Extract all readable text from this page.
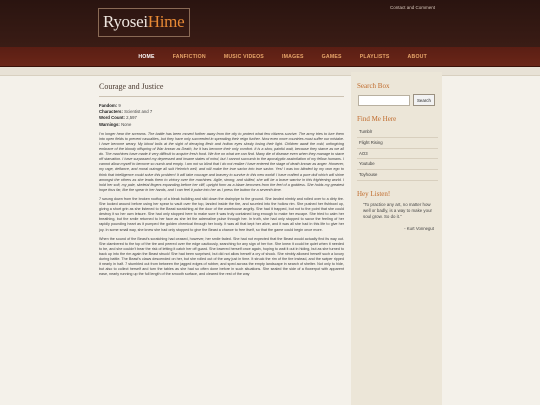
RyoseiHime
Contact and Comment
HOME	FANFICTION	MUSIC VIDEOS	IMAGES	GAMES	PLAYLISTS	ABOUT
Courage and Justice
Fandom: 9
Characters: Scientist and 7
Word Count: 2,597
Warnings: None

I’m longer hear the screams. The battle has been moved further away from the city to protect what few citizens survive. The army tries to lure them into open fields to prevent casualties, but they have only succeeded in spreading their reign further. Now even more countries must suffer our mistake. I have become weary. My blood boils at the sight of decaying flesh and hollow eyes slowly losing their light. Children await the cold, unforgiving embrace of the bloody offspring of War known as Death, for it has become their only comfort. It is a slow, painful wait, because they starve as we all do. The machines have made it very difficult to acquire fresh food. We live on what we can find. Many die of disease even when they manage to stave off starvation. I have surpassed my depressed and insane states of mind, but I cannot succumb to the apocalyptic assimilation of my fellow humans. I cannot allow myself to become so numb and empty. I am not so blind that I do not realize I have entered the stage of death known as anger. However, my rage, defiance, and moral outrage all suit Heinrich well, and will make the true savior into true savior. Yes! I was too blinded by my own ego to think that intelligence could solve this problem! It will take courage and bravery to survive in this new world! I have crafted a pure doll which will shine amongst the others as she leads them to victory over the machines. Agile, strong, and skilled, she will be a brave warrior in this frightening world. I hold her soft, my pale, skeletal fingers expanding before her cliff, upright form as a blaze becomes from the feel of a goddess. She holds my greatest hope thus far, like the spear in her hands, and I can feel it pulse into her as I press the button for a seventh time.

7 swung down from the broken rooftop of a bleak building and slid down the drainpipe to the ground. She landed nimbly and rolled over to a dirty tire. She looked around before using her spear to vault over the top, landed inside the tire, and scurried into the hollow rim. She pushed her fishbowl up, giving a short grin as she listened to the Beast scratching at the door of the warehouse angrily. She had it trapped, but not to the point that she could destroy it so her own leisure. She had only stopped here to make sure it was truly contained long enough to make her escape. She tried to calm her breathing, but the smile returned to her face as she let the adrenaline pulse through her. In truth, she had only stopped to savor the feeling of her rapidly pounding heart as it pumped the golden chemical through her body. It was all that kept her alive, and it was all she had in this life to give her joy. In some small way, she knew she had only stopped to give the Beast a chance to free itself, so that the game could begin once more.

When the sound of the Beast’s scratching had ceased, however, her smile faded. She had not expected that the Beast would actually find its way out. She clambered to the top of the tire and peered over the edge cautiously, searching for any sign of her foe. She knew it could be quiet when it needed to be, and she couldn’t bear the risk of letting it catch her off guard. She lowered herself once again, hoping to wait it out in hiding, but as she turned to back up into the rim again the Beast struck! She had been surprised, but did not allow herself a cry of shock. She nimbly allowed herself such a luxury during battle. The Beast’s claws descended on her, but she rolled out of the way just in time. It struck the rim of the tire instead, and the swiper ripped it nearly in half. 7 stumbled out from between the jagged edges of rubber, and sped across the empty landscape in search of shelter. Not only to hide, but also to collect herself and turn the tables as she had so often done before in such situations. She sealed the side of a flowerpot with apparent ease, nearly running up the full length of the smooth surface, and cleared the rest of the way

Search Box
Search
Find Me Here
Tumblr
Flight Rising
AO3
Youtube
Toyhouse
Hey Listen!
“To practice any art, no matter how well or badly, is a way to make your soul grow. So do it.”
- Kurt Vonnegut
